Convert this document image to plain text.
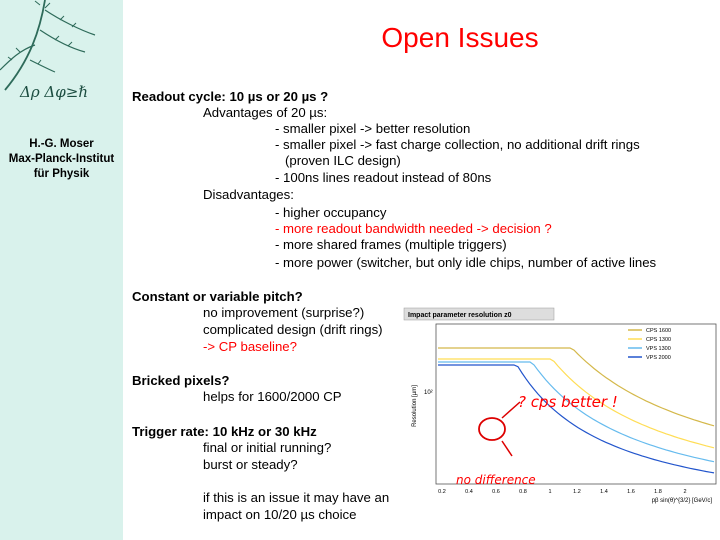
Δρ Δφ≥ℏ
H.-G. Moser
Max-Planck-Institut
für Physik
Open Issues
Readout cycle: 10 µs or 20 µs ?
Advantages of 20 µs:
- smaller pixel -> better resolution
- smaller pixel -> fast charge collection, no additional drift rings
(proven ILC design)
- 100ns lines readout instead of 80ns
Disadvantages:
- higher occupancy
- more readout bandwidth needed -> decision ?
- more shared frames (multiple triggers)
- more power (switcher, but only idle chips, number of active lines
Constant or variable pitch?
no improvement (surprise?)
complicated design (drift rings)
-> CP baseline?
Bricked pixels?
helps for 1600/2000 CP
Trigger rate: 10 kHz or 30 kHz
final or initial running?
burst or steady?
if this is an issue it may have an
impact on 10/20 µs choice
Impact parameter resolution z0
Resolution [µm] 10²
pβ sin(θ)^{3/2} [GeV/c]
0.2	0.4	0.6	0.8	1	1.2	1.4	1.6	1.8	2
CPS 1600
CPS 1300
VPS 1300
VPS 2000
? cps better !
no difference
